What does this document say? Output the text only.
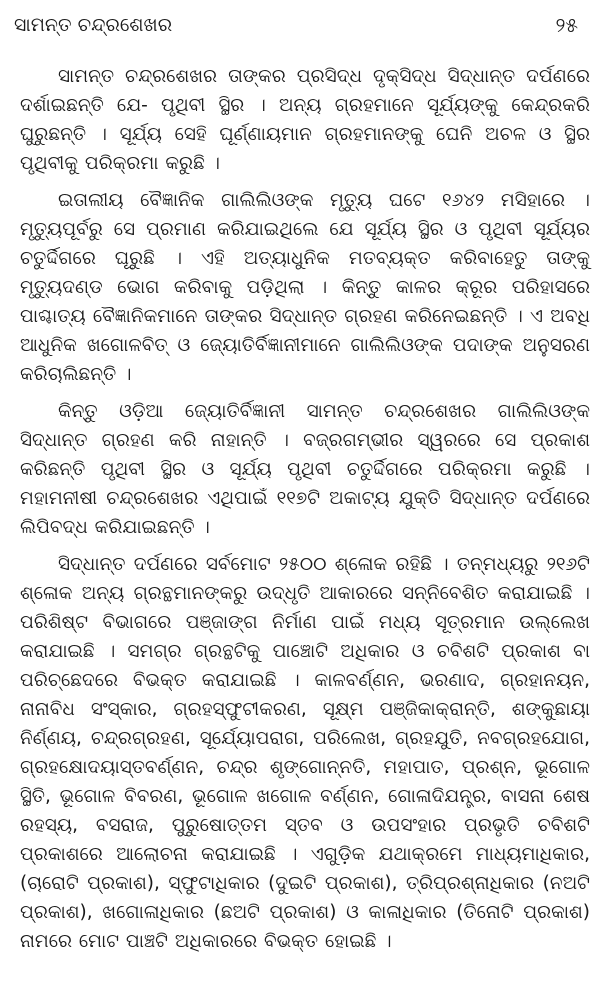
ସାମନ୍ତ ଚନ୍ଦ୍ରଶେଖର	୨୫

ସାମନ୍ତ ଚନ୍ଦ୍ରଶେଖର ତାଙ୍କର ପ୍ରସିଦ୍ଧ ଦୃକ୍‌ସିଦ୍ଧ ସିଦ୍ଧାନ୍ତ ଦର୍ପଣରେ ଦର୍ଶାଇଛନ୍ତି ଯେ- ପୃଥିବୀ ସ୍ଥିର । ଅନ୍ୟ ଗ୍ରହମାନେ ସୂର୍ଯ୍ୟଙ୍କୁ କେନ୍ଦ୍ରକରି ଘୁରୁଛନ୍ତି । ସୂର୍ଯ୍ୟ ସେହି ଘୂର୍ଣ୍ଣାୟମାନ ଗ୍ରହମାନଙ୍କୁ ଘେନି ଅଚଳ ଓ ସ୍ଥିର ପୃଥିବୀକୁ ପରିକ୍ରମା କରୁଛି ।

ଇତାଲୀୟ ବୈଜ୍ଞାନିକ ଗାଲିଲିଓଙ୍କ ମୃତ୍ୟୁ ଘଟେ ୧୬୪୨ ମସିହାରେ । ମୃତ୍ୟୁପୂର୍ବରୁ ସେ ପ୍ରମାଣ କରିଯାଇଥିଲେ ଯେ ସୂର୍ଯ୍ୟ ସ୍ଥିର ଓ ପୃଥିବୀ ସୂର୍ଯ୍ୟର ଚତୁର୍ଦ୍ଦିଗରେ ଘୂରୁଛି । ଏହି ଅତ୍ୟାଧୁନିକ ମତବ୍ୟକ୍ତ କରିବାହେତୁ ତାଙ୍କୁ ମୃତ୍ୟୁଦଣ୍ଡ ଭୋଗ କରିବାକୁ ପଡ଼ିଥିଲା । କିନ୍ତୁ କାଳର କ୍ରୂର ପରିହାସରେ ପାଶ୍ଚାତ୍ୟ ବୈଜ୍ଞାନିକମାନେ ତାଙ୍କର ସିଦ୍ଧାନ୍ତ ଗ୍ରହଣ କରିନେଇଛନ୍ତି । ଏ ଅବଧି ଆଧୁନିକ ଖଗୋଳବିତ୍ ଓ ଜ୍ୟୋତିର୍ବିଜ୍ଞାନୀମାନେ ଗାଲିଲିଓଙ୍କ ପଦାଙ୍କ ଅନୁସରଣ କରିଚାଲିଛନ୍ତି ।

କିନ୍ତୁ ଓଡ଼ିଆ ଜ୍ୟୋତିର୍ବିଜ୍ଞାନୀ ସାମନ୍ତ ଚନ୍ଦ୍ରଶେଖର ଗାଲିଲିଓଙ୍କ ସିଦ୍ଧାନ୍ତ ଗ୍ରହଣ କରି ନାହାନ୍ତି । ବଜ୍ରଗମ୍ଭୀର ସ୍ୱରରେ ସେ ପ୍ରକାଶ କରିଛନ୍ତି ପୃଥିବୀ ସ୍ଥିର ଓ ସୂର୍ଯ୍ୟ ପୃଥିବୀ ଚତୁର୍ଦ୍ଦିଗରେ ପରିକ୍ରମା କରୁଛି । ମହାମନୀଷୀ ଚନ୍ଦ୍ରଶେଖର ଏଥିପାଇଁ ୧୧୭ଟି ଅକାଟ୍ୟ ଯୁକ୍ତି ସିଦ୍ଧାନ୍ତ ଦର୍ପଣରେ ଲିପିବଦ୍ଧ କରିଯାଇଛନ୍ତି ।

ସିଦ୍ଧାନ୍ତ ଦର୍ପଣରେ ସର୍ବମୋଟ ୨୫୦୦ ଶ୍ଳୋକ ରହିଛି । ତନ୍ମଧ୍ୟରୁ ୨୧୬ଟି ଶ୍ଳୋକ ଅନ୍ୟ ଗ୍ରନ୍ଥମାନଙ୍କରୁ ଉଦ୍ଧୃତି ଆକାରରେ ସନ୍ନିବେଶିତ କରାଯାଇଛି । ପରିଶିଷ୍ଟ ବିଭାଗରେ ପଞ୍ଜାଙ୍ଗ ନିର୍ମାଣ ପାଇଁ ମଧ୍ୟ ସୂତ୍ରମାନ ଉଲ୍ଲେଖ କରାଯାଇଛି । ସମଗ୍ର ଗ୍ରନ୍ଥଟିକୁ ପାଞ୍ଚୋଟି ଅଧିକାର ଓ ଚବିଶଟି ପ୍ରକାଶ ବା ପରିଚ୍ଛେଦରେ ବିଭକ୍ତ କରାଯାଇଛି । କାଳବର୍ଣ୍ଣନ, ଭରଣାଦ, ଗ୍ରହାନୟନ, ନାନାବିଧ ସଂସ୍କାର, ଗ୍ରହସ୍ଫୁଟୀକରଣ, ସୂକ୍ଷ୍ମ ପଞ୍ଜିକାକ୍ରାନ୍ତି, ଶଙ୍କୁଛାୟା ନିର୍ଣ୍ଣୟ, ଚନ୍ଦ୍ରଗ୍ରହଣ, ସୂର୍ଯ୍ୟୋପରାଗ, ପରିଲେଖ, ଗ୍ରହଯୁତି, ନବଗ୍ରହଯୋଗ, ଗ୍ରହକ୍ଷୋଦୟାସ୍ତବର୍ଣ୍ଣନ, ଚନ୍ଦ୍ର ଶୃଙ୍ଗୋନ୍ନତି, ମହାପାତ, ପ୍ରଶ୍ନ, ଭୂଗୋଳ ସ୍ଥିତି, ଭୂଗୋଳ ବିବରଣ, ଭୂଗୋଳ ଖଗୋଳ ବର୍ଣ୍ଣନ, ଗୋଳାଦିଯନ୍ତ୍ର, ବାସନା ଶେଷ ରହସ୍ୟ, ବସରାଜ, ପୁରୁଷୋତ୍ତମ ସ୍ତବ ଓ ଉପସଂହାର ପ୍ରଭୃତି ଚବିଶଟି ପ୍ରକାଶରେ ଆଲୋଚନା କରାଯାଇଛି । ଏଗୁଡ଼ିକ ଯଥାକ୍ରମେ ମାଧ୍ୟମାଧିକାର, (ଚାରୋଟି ପ୍ରକାଶ), ସ୍ଫୁଟାଧିକାର (ଦୁଇଟି ପ୍ରକାଶ), ତ୍ରିପ୍ରଶ୍ନାଧିକାର (ନଅଟି ପ୍ରକାଶ), ଖଗୋଳାଧିକାର (ଛଅଟି ପ୍ରକାଶ) ଓ କାଳାଧିକାର (ତିନୋଟି ପ୍ରକାଶ) ନାମରେ ମୋଟ ପାଞ୍ଚଟି ଅଧିକାରରେ ବିଭକ୍ତ ହୋଇଛି ।
